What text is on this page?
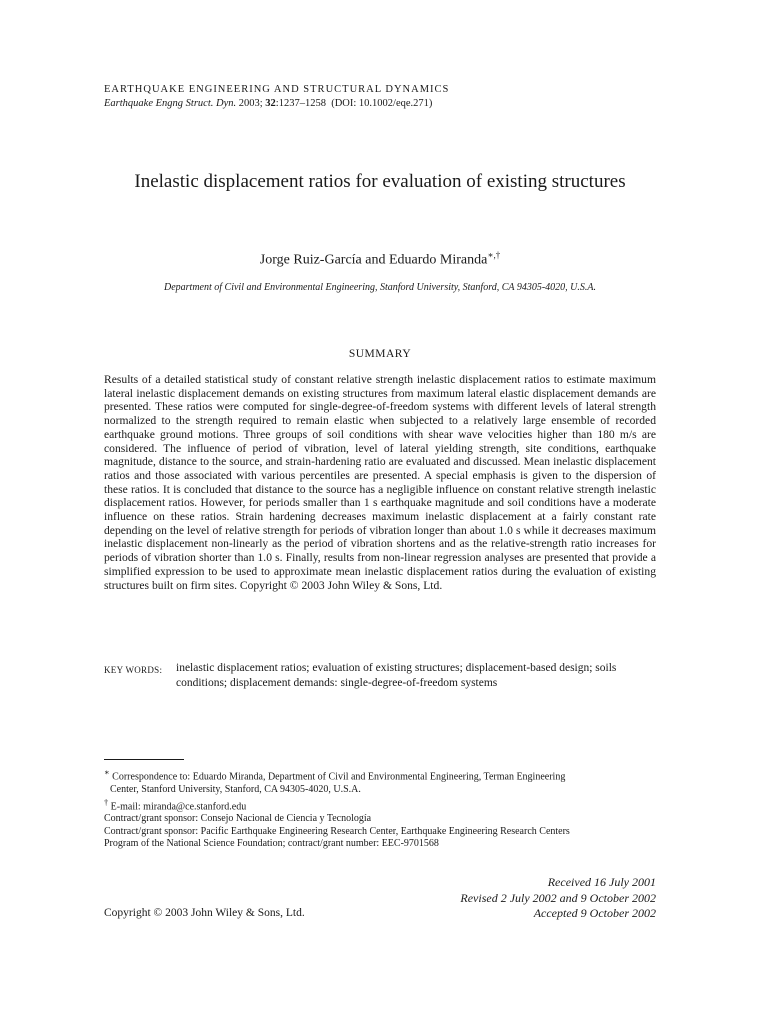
EARTHQUAKE ENGINEERING AND STRUCTURAL DYNAMICS
Earthquake Engng Struct. Dyn. 2003; 32:1237–1258 (DOI: 10.1002/eqe.271)
Inelastic displacement ratios for evaluation of existing structures
Jorge Ruiz-García and Eduardo Miranda∗,†
Department of Civil and Environmental Engineering, Stanford University, Stanford, CA 94305-4020, U.S.A.
SUMMARY

Results of a detailed statistical study of constant relative strength inelastic displacement ratios to estimate maximum lateral inelastic displacement demands on existing structures from maximum lateral elastic displacement demands are presented. These ratios were computed for single-degree-of-freedom systems with different levels of lateral strength normalized to the strength required to remain elastic when subjected to a relatively large ensemble of recorded earthquake ground motions. Three groups of soil conditions with shear wave velocities higher than 180 m/s are considered. The influence of period of vibration, level of lateral yielding strength, site conditions, earthquake magnitude, distance to the source, and strain-hardening ratio are evaluated and discussed. Mean inelastic displacement ratios and those associated with various percentiles are presented. A special emphasis is given to the dispersion of these ratios. It is concluded that distance to the source has a negligible influence on constant relative strength inelastic displacement ratios. However, for periods smaller than 1 s earthquake magnitude and soil conditions have a moderate influence on these ratios. Strain hardening decreases maximum inelastic displacement at a fairly constant rate depending on the level of relative strength for periods of vibration longer than about 1.0 s while it decreases maximum inelastic displacement non-linearly as the period of vibration shortens and as the relative-strength ratio increases for periods of vibration shorter than 1.0 s. Finally, results from non-linear regression analyses are presented that provide a simplified expression to be used to approximate mean inelastic displacement ratios during the evaluation of existing structures built on firm sites. Copyright © 2003 John Wiley & Sons, Ltd.

KEY WORDS:	inelastic displacement ratios; evaluation of existing structures; displacement-based design; soils conditions; displacement demands: single-degree-of-freedom systems

∗ Correspondence to: Eduardo Miranda, Department of Civil and Environmental Engineering, Terman Engineering

Center, Stanford University, Stanford, CA 94305-4020, U.S.A.

† E-mail: miranda@ce.stanford.edu

Contract/grant sponsor: Consejo Nacional de Ciencia y Tecnología

Contract/grant sponsor: Pacific Earthquake Engineering Research Center, Earthquake Engineering Research Centers

Program of the National Science Foundation; contract/grant number: EEC-9701568

Received 16 July 2001

Revised 2 July 2002 and 9 October 2002

Accepted 9 October 2002

Copyright © 2003 John Wiley & Sons, Ltd.
